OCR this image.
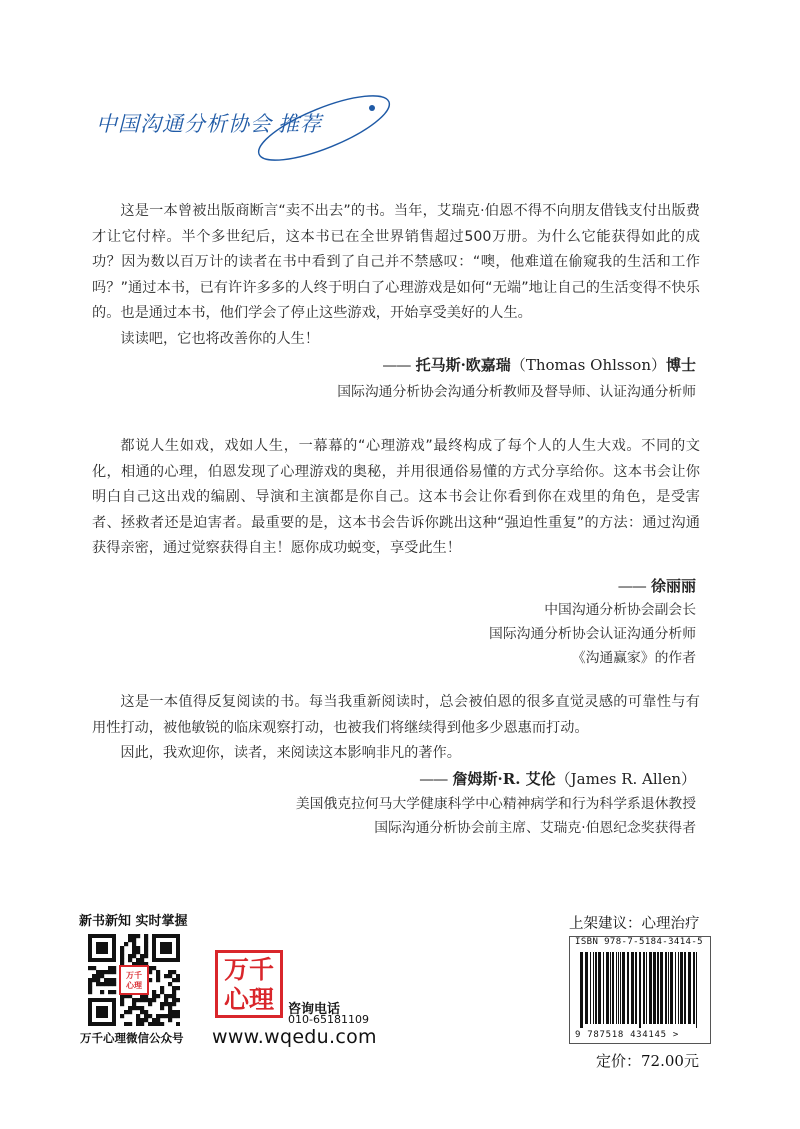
中国沟通分析协会 推荐

这是一本曾被出版商断言“卖不出去”的书。当年，艾瑞克·伯恩不得不向朋友借钱支付出版费才让它付梓。半个多世纪后，这本书已在全世界销售超过500万册。为什么它能获得如此的成功？因为数以百万计的读者在书中看到了自己并不禁感叹：“噢，他难道在偷窥我的生活和工作吗？”通过本书，已有许许多多的人终于明白了心理游戏是如何“无端”地让自己的生活变得不快乐的。也是通过本书，他们学会了停止这些游戏，开始享受美好的人生。

读读吧，它也将改善你的人生！

—— 托马斯·欧嘉瑞（Thomas Ohlsson）博士
国际沟通分析协会沟通分析教师及督导师、认证沟通分析师

都说人生如戏，戏如人生，一幕幕的“心理游戏”最终构成了每个人的人生大戏。不同的文化，相通的心理，伯恩发现了心理游戏的奥秘，并用很通俗易懂的方式分享给你。这本书会让你明白自己这出戏的编剧、导演和主演都是你自己。这本书会让你看到你在戏里的角色，是受害者、拯救者还是迫害者。最重要的是，这本书会告诉你跳出这种“强迫性重复”的方法：通过沟通获得亲密，通过觉察获得自主！愿你成功蜕变，享受此生！

—— 徐丽丽
中国沟通分析协会副会长
国际沟通分析协会认证沟通分析师
《沟通赢家》的作者

这是一本值得反复阅读的书。每当我重新阅读时，总会被伯恩的很多直觉灵感的可靠性与有用性打动，被他敏锐的临床观察打动，也被我们将继续得到他多少恩惠而打动。

因此，我欢迎你，读者，来阅读这本影响非凡的著作。

—— 詹姆斯·R. 艾伦（James R. Allen）
美国俄克拉何马大学健康科学中心精神病学和行为科学系退休教授
国际沟通分析协会前主席、艾瑞克·伯恩纪念奖获得者
新书新知 实时掌握
万千
心理
万千心理微信公众号
万千
心理	咨询电话
010-65181109
www.wqedu.com
上架建议：心理治疗
ISBN 978-7-5184-3414-5
9 787518 434145 >
定价：72.00元
